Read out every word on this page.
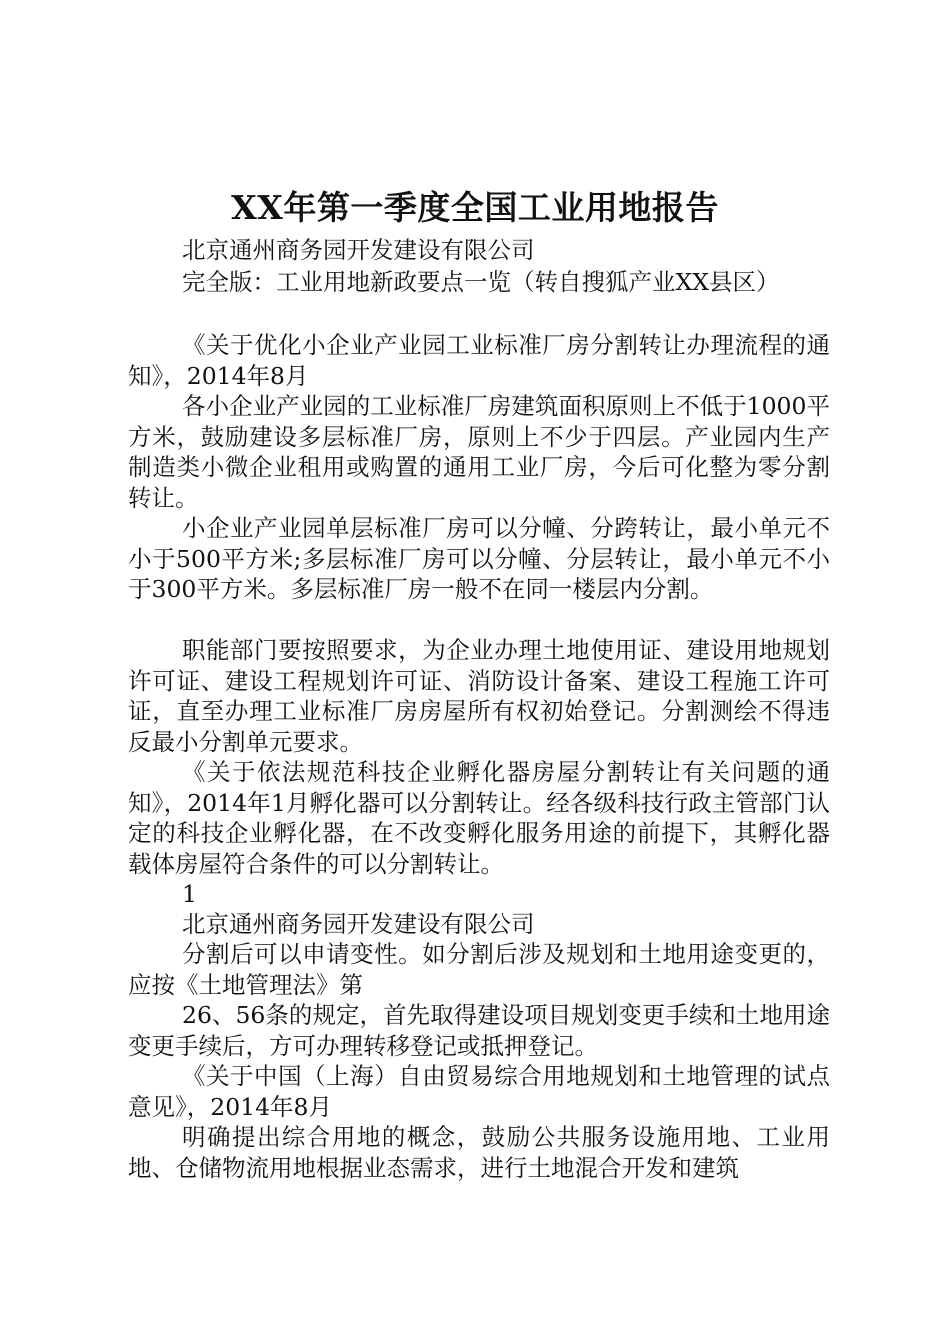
XX年第一季度全国工业用地报告
北京通州商务园开发建设有限公司
完全版：工业用地新政要点一览（转自搜狐产业XX县区）

《关于优化小企业产业园工业标准厂房分割转让办理流程的通知》，2014年8月

各小企业产业园的工业标准厂房建筑面积原则上不低于1000平方米，鼓励建设多层标准厂房，原则上不少于四层。产业园内生产制造类小微企业租用或购置的通用工业厂房，今后可化整为零分割转让。

小企业产业园单层标准厂房可以分幢、分跨转让，最小单元不小于500平方米;多层标准厂房可以分幢、分层转让，最小单元不小于300平方米。多层标准厂房一般不在同一楼层内分割。

职能部门要按照要求，为企业办理土地使用证、建设用地规划许可证、建设工程规划许可证、消防设计备案、建设工程施工许可证，直至办理工业标准厂房房屋所有权初始登记。分割测绘不得违反最小分割单元要求。

《关于依法规范科技企业孵化器房屋分割转让有关问题的通知》，2014年1月孵化器可以分割转让。经各级科技行政主管部门认定的科技企业孵化器，在不改变孵化服务用途的前提下，其孵化器载体房屋符合条件的可以分割转让。

1
北京通州商务园开发建设有限公司

分割后可以申请变性。如分割后涉及规划和土地用途变更的，应按《土地管理法》第

26、56条的规定，首先取得建设项目规划变更手续和土地用途变更手续后，方可办理转移登记或抵押登记。

《关于中国（上海）自由贸易综合用地规划和土地管理的试点意见》，2014年8月

明确提出综合用地的概念，鼓励公共服务设施用地、工业用地、仓储物流用地根据业态需求，进行土地混合开发和建筑
